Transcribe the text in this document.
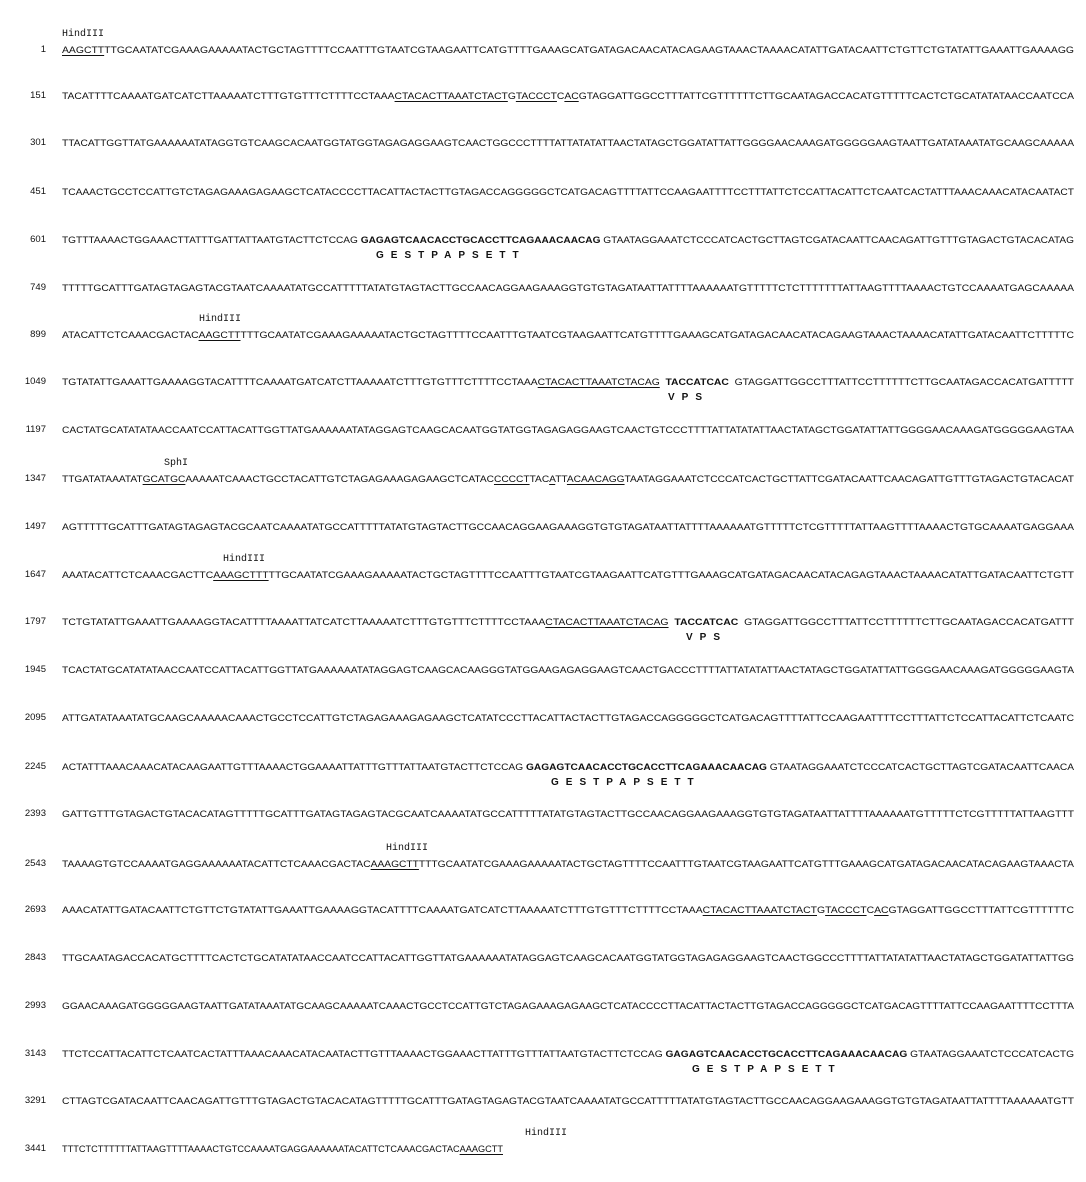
1 AAGCTTTTGCAATATCGAAAGAAAAATACTGCTAGTTTTCCAATTTGTAATCGTAAGAATTCATGTTTTGAAAGCATGATAGACAACATACAGAAGTAAACTAAAACATATTGATACAATTCTGTTCTGTATATTGAAATTGAAAAGG
HindIII
151 TACATTTTCAAAATGATCATCTTAAAAATCTTTGTGTTTCTTTTCCTAAACTACACTTAAATCTACTGTACCCTCACGTAGGATTGGCCTTTATTCGTTTTTTCTTGCAATAGACCACATGTTTTTCACTCTGCATATATAACCAATCCA
301 TTACATTGGTTATGAAAAAATATAGGTGTCAAGCACAATGGTATGGTAGAGAGGAAGTCAACTGGCCCTTTTATTATATATTAACTATAGCTGGATATTATTGGGGAACAAAGATGGGGGAAGTAATTGATATAAATATGCAAGCAAAAA
451 TCAAACTGCCTCCATTGTCTAGAGAAAGAGAAGCTCATACCCCTTACATTACTACTTGTAGACCAGGGGGCTCATGACAGTTTTATTCCAAGAATTTTCCTTTATTCTCCATTACATTCTCAATCACTATTTAAACAAACATACAATACT
601 TGTTTAAAACTGGAAACTTATTTGATTATTAATGTACTTCTCCAG GAGAGTCAACACCTGCACCTTCAGAAACAACAG GTAATAGGAAATCTCCCATCACTGCTTAGTCGATACAATTCAACAGATTGTTTGTAGACTGTACACATAG
GESTPAPSETT
749 TTTTTGCATTTGATAGTAGAGTACGTAATCAAAATATGCCATTTTTATATGTAGTACTTGCCAACAGGAAGAAAGGTGTGTAGATAATTATTTTAAAAAATGTTTTTCTCTTTTTTTATTAAGTTTTAAAACTGTCCAAAATGAGCAAAAA
899 ATACATTCTCAAACGACTACAAGCTTTTTGCAATATCGAAAGAAAAATACTGCTAGTTTTCCAATTTGTAATCGTAAGAATTCATGTTTTGAAAGCATGATAGACAACATACAGAAGTAAACTAAAACATATTGATACAATTCTTTTTC
HindIII
1049 TGTATATTGAAATTGAAAAGGTACATTTTCAAAATGATCATCTTAAAAATCTTTGTGTTTCTTTTCCTAAACTACACTTAAATCTACAG TACCATCAC  GTAGGATTGGCCTTTATTCCTTTTTTCTTGCAATAGACCACATGATTTTT
VPS
1197 CACTATGCATATATAACCAATCCATTACATTGGTTATGAAAAAATATAGGAGTCAAGCACAATGGTATGGTAGAGAGGAAGTCAACTGTCCCTTTTATTATATATTAACTATAGCTGGATATTATTGGGGAACAAAGATGGGGGAAGTAA
1347 TTGATATAAATATGCATGCAAAAATCAAACTGCCTACATTGTCTAGAGAAAGAGAAGCTCATACCCCCTTACATTACAACAGGTAATAGGAAATCTCCCATCACTGCTTATTCGATACAATTCAACAGATTGTTTGTAGACTGTACACAT
SphI
1497 AGTTTTTGCATTTGATAGTAGAGTACGCAATCAAAATATGCCATTTTTATATGTAGTACTTGCCAACAGGAAGAAAGGTGTGTAGATAATTATTTTAAAAAATGTTTTTCTCGTTTTTATTAAGTTTTAAAACTGTGCAAAATGAGGAAA
1647 AAATACATTCTCAAACGACTTCAAAGCTTTTTGCAATATCGAAAGAAAAATACTGCTAGTTTTCCAATTTGTAATCGTAAGAATTCATGTTTGAAAGCATGATAGACAACATACAGAGTAAACTAAAACATATTGATACAATTCTGTT
HindIII
1797 TCTGTATATTGAAATTGAAAAGGTACATTTTAAAATTATCATCTTAAAAATCTTTGTGTTTCTTTTCCTAAACTACACTTAAATCTACAG TACCATCAC  GTAGGATTGGCCTTTATTCCTTTTTTCTTGCAATAGACCACATGATTT
VPS
1945 TCACTATGCATATATAACCAATCCATTACATTGGTTATGAAAAAATATAGGAGTCAAGCACAAGGGTATGGAAGAGAGGAAGTCAACTGACCCTTTTATTATATATTAACTATAGCTGGATATTATTGGGGAACAAAGATGGGGGAAGTA
2095 ATTGATATAAATATGCAAGCAAAAACAAACTGCCTCCATTGTCTAGAGAAAGAGAAGCTCATATCCCTTACATTACTACTTGTAGACCAGGGGGCTCATGACAGTTTTATTCCAAGAATTTTCCTTTATTCTCCATTACATTCTCAATC
2245 ACTATTTAAACAAACATACAAGAATTGTTTAAAACTGGAAAATTATTTGTTTATTAATGTACTTCTCCAG GAGAGTCAACACCTGCACCTTCAGAAACAACAG GTAATAGGAAATCTCCCATCACTGCTTAGTCGATACAATTCAACA
GESTPAPSETT
2393 GATTGTTTGTAGACTGTACACATAGTTTTTGCATTTGATAGTAGAGTACGCAATCAAAATATGCCATTTTTATATGTAGTACTTGCCAACAGGAAGAAAGGTGTGTAGATAATTATTTTAAAAAATGTTTTTCTCGTTTTTATTAAGTTT
2543 TAAAAGTGTCCAAAATGAGGAAAAAATACATTCTCAAACGACTACAAAGCTTTTTGCAATATCGAAAGAAAAATACTGCTAGTTTTCCAATTTGTAATCGTAAGAATTCATGTTTGAAAGCATGATAGACAACATACAGAAGTAAACTA
HindIII
2693 AAACATATTGATACAATTCTGTTCTGTATATTGAAATTGAAAAGGTACATTTTCAAAATGATCATCTTAAAAATCTTTGTGTTTCTTTTCCTAAACTACACTTAAATCTACTGTACCCTCACGTAGGATTGGCCTTTATTCGTTTTTTC
2843 TTGCAATAGACCACATGCTTTTCACTCTGCATATATAACCAATCCATTACATTGGTTATGAAAAAATATAGGAGTCAAGCACAATGGTATGGTAGAGAGGAAGTCAACTGGCCCTTTTATTATATATTAACTATAGCTGGATATTATTGG
2993 GGAACAAAGATGGGGGAAGTAATTGATATAAATATGCAAGCAAAAATCAAACTGCCTCCATTGTCTAGAGAAAGAGAAGCTCATACCCCTTACATTACTACTTGTAGACCAGGGGGCTCATGACAGTTTTATTCCAAGAATTTTCCTTTA
3143 TTCTCCATTACATTCTCAATCACTATTTAAACAAACATACAATACTTGTTTAAAACTGGAAACTTATTTGTTTATTAATGTACTTCTCCAG GAGAGTCAACACCTGCACCTTCAGAAACAACAG GTAATAGGAAATCTCCCATCACTG
GESTPAPSETT
3291 CTTAGTCGATACAATTCAACAGATTGTTTGTAGACTGTACACATAGTTTTTGCATTTGATAGTAGAGTACGTAATCAAAATATGCCATTTTTATATGTAGTACTTGCCAACAGGAAGAAAGGTGTGTAGATAATTATTTTAAAAAATGTT
3441 TTTCTCTTTTTTATTAAGTTTTAAAACTGTCCAAAATGAGGAAAAAATACATTCTCAAACGACTACAAAGCTT
HindIII
